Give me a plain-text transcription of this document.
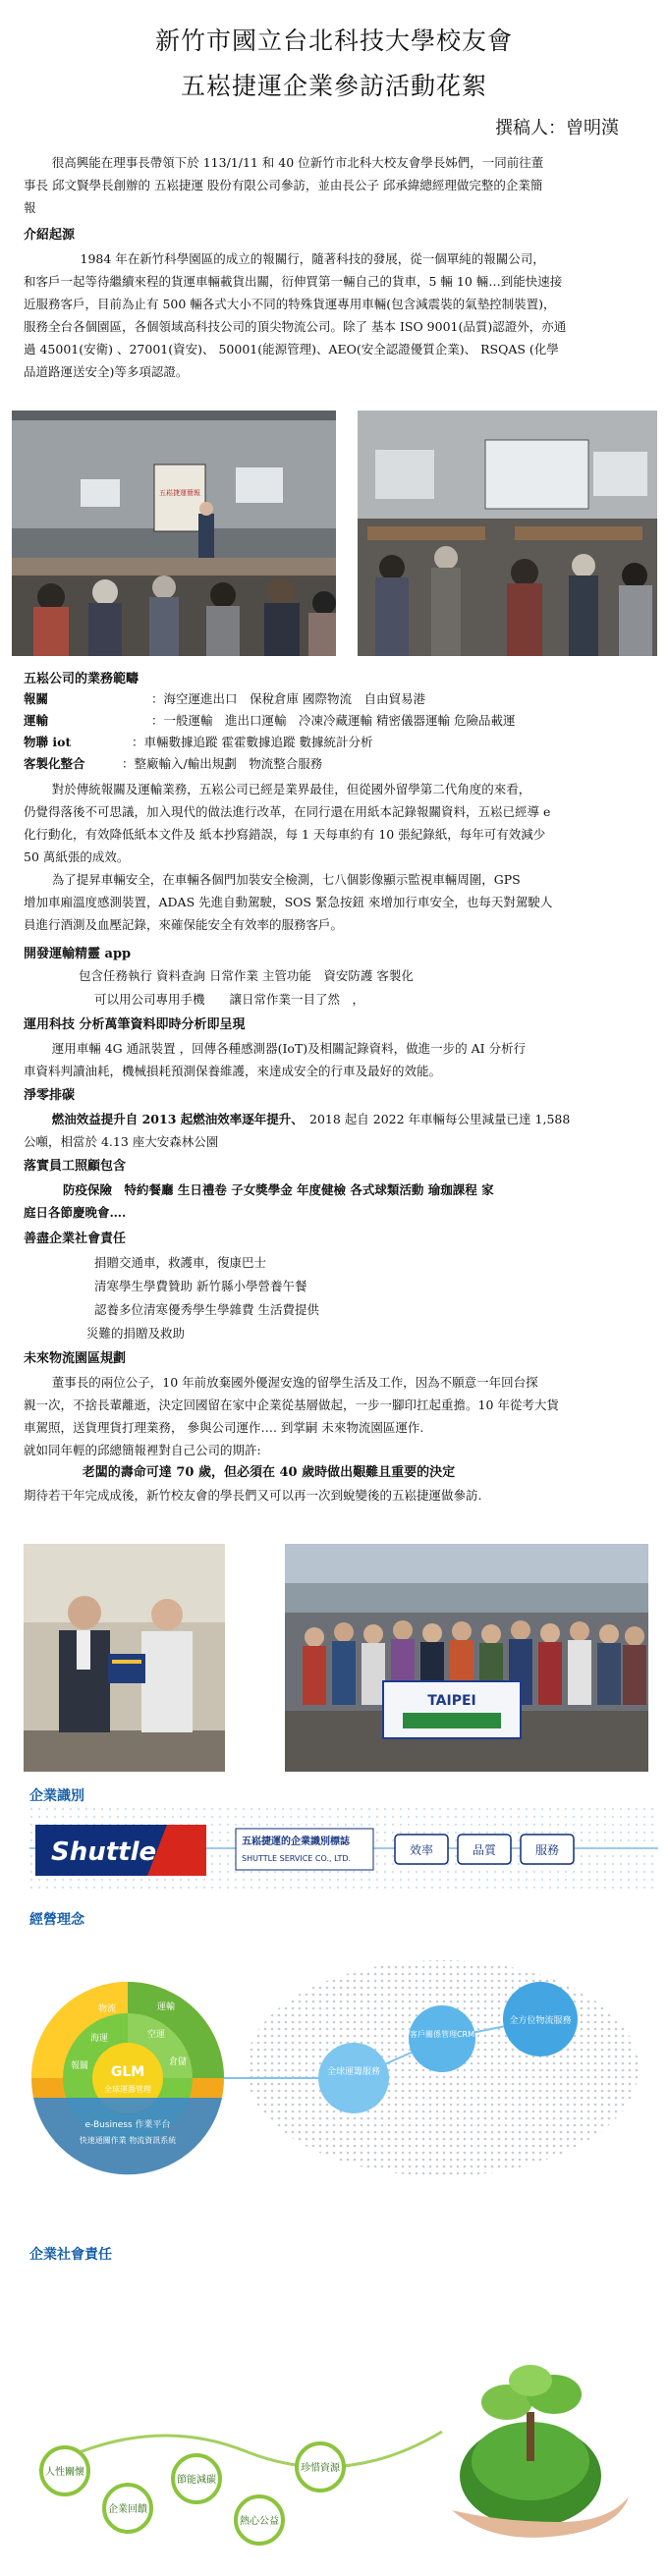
新竹市國立台北科技大學校友會
五崧捷運企業參訪活動花絮
撰稿人：曾明漢
很高興能在理事長帶領下於 113/1/11 和 40 位新竹市北科大校友會學長姊們，一同前往董
事長 邱文賢學長創辦的 五崧捷運 股份有限公司參訪，並由長公子 邱承緯總經理做完整的企業簡
報
介紹起源
1984 年在新竹科學園區的成立的報關行，隨著科技的發展，從一個單純的報關公司，
和客戶一起等待繼續來程的貨運車輛載貨出關，衍伸買第一輛自己的貨車，5 輛 10 輛…到能快速接
近服務客戶，目前為止有 500 輛各式大小不同的特殊貨運專用車輛(包含減震裝的氣墊控制裝置)，
服務全台各個園區，各個領域高科技公司的頂尖物流公司。除了 基本 ISO 9001(品質)認證外，亦通
過 45001(安衛) 、27001(資安)、 50001(能源管理)、AEO(安全認證優質企業)、 RSQAS (化學
品道路運送安全)等多項認證。
五崧捷運簡報
五崧公司的業務範疇
報關	：海空運進出口　保稅倉庫 國際物流　自由貿易港
運輸	：一般運輸　進出口運輸　冷凍冷藏運輸 精密儀器運輸 危險品載運
物聯 iot	：車輛數據追蹤 霍霍數據追蹤 數據統計分析
客製化整合	：整廠輸入/輸出規劃　物流整合服務
對於傳統報關及運輸業務，五崧公司已經是業界最佳，但從國外留學第二代角度的來看，
仍覺得落後不可思議，加入現代的做法進行改革，在同行還在用紙本記錄報關資料，五崧已經導 e
化行動化，有效降低紙本文件及 紙本抄寫錯誤，每 1 天每車約有 10 張紀錄紙，每年可有效減少
50 萬紙張的成效。
為了提昇車輛安全，在車輛各個門加裝安全檢測，七八個影像顯示監視車輛周圍，GPS
增加車廂溫度感測裝置，ADAS 先進自動駕駛，SOS 緊急按鈕 來增加行車安全，也每天對駕駛人
員進行酒測及血壓記錄，來確保能安全有效率的服務客戶。
開發運輸精靈 app
包含任務執行 資料查詢 日常作業 主管功能　資安防護 客製化
可以用公司專用手機　　讓日常作業一目了然　，
運用科技 分析萬筆資料即時分析即呈現
運用車輛 4G 通訊裝置 ，回傳各種感測器(IoT)及相關記錄資料，做進一步的 AI 分析行
車資料判讀油耗，機械損耗預測保養維護，來達成安全的行車及最好的效能。
淨零排碳
燃油效益提升自 2013 起燃油效率逐年提升、　2018 起自 2022 年車輛每公里減量已達 1,588
公噸，相當於 4.13 座大安森林公園
落實員工照顧包含
防疫保險　特約餐廳 生日禮卷 子女獎學金 年度健檢 各式球類活動 瑜珈課程 家
庭日各節慶晚會….
善盡企業社會責任
捐贈交通車，救護車，復康巴士
清寒學生學費贊助 新竹縣小學營養午餐
認養多位清寒優秀學生學雜費 生活費提供
災難的捐贈及救助
未來物流園區規劃
董事長的兩位公子，10 年前放棄國外優渥安逸的留學生活及工作，因為不願意一年回台探
親一次，不捨長輩離逝，決定回國留在家中企業從基層做起，一步一腳印扛起重擔。10 年從考大貨
車駕照，送貨理貨打理業務， 參與公司運作…. 到掌嗣 未來物流園區運作.
就如同年輕的邱總簡報裡對自己公司的期許:
老闆的壽命可達 70 歲，但必須在 40 歲時做出艱難且重要的決定
期待若干年完成成後，新竹校友會的學長們又可以再一次到蛻變後的五崧捷運做參訪.
TAIPEI
企業識別
Shuttle	五崧捷運的企業識別標誌
SHUTTLE SERVICE CO., LTD.
效率	品質	服務
經營理念
GLM
全球運籌管理
海運	空運
報關	倉儲
物流	運輸
e-Business 作業平台
快速通關作業 物流資訊系統
全球運籌服務
客戶關係管理CRM
全方位物流服務
企業社會責任
人性關懷
企業回饋
節能減碳
熱心公益
珍惜資源
